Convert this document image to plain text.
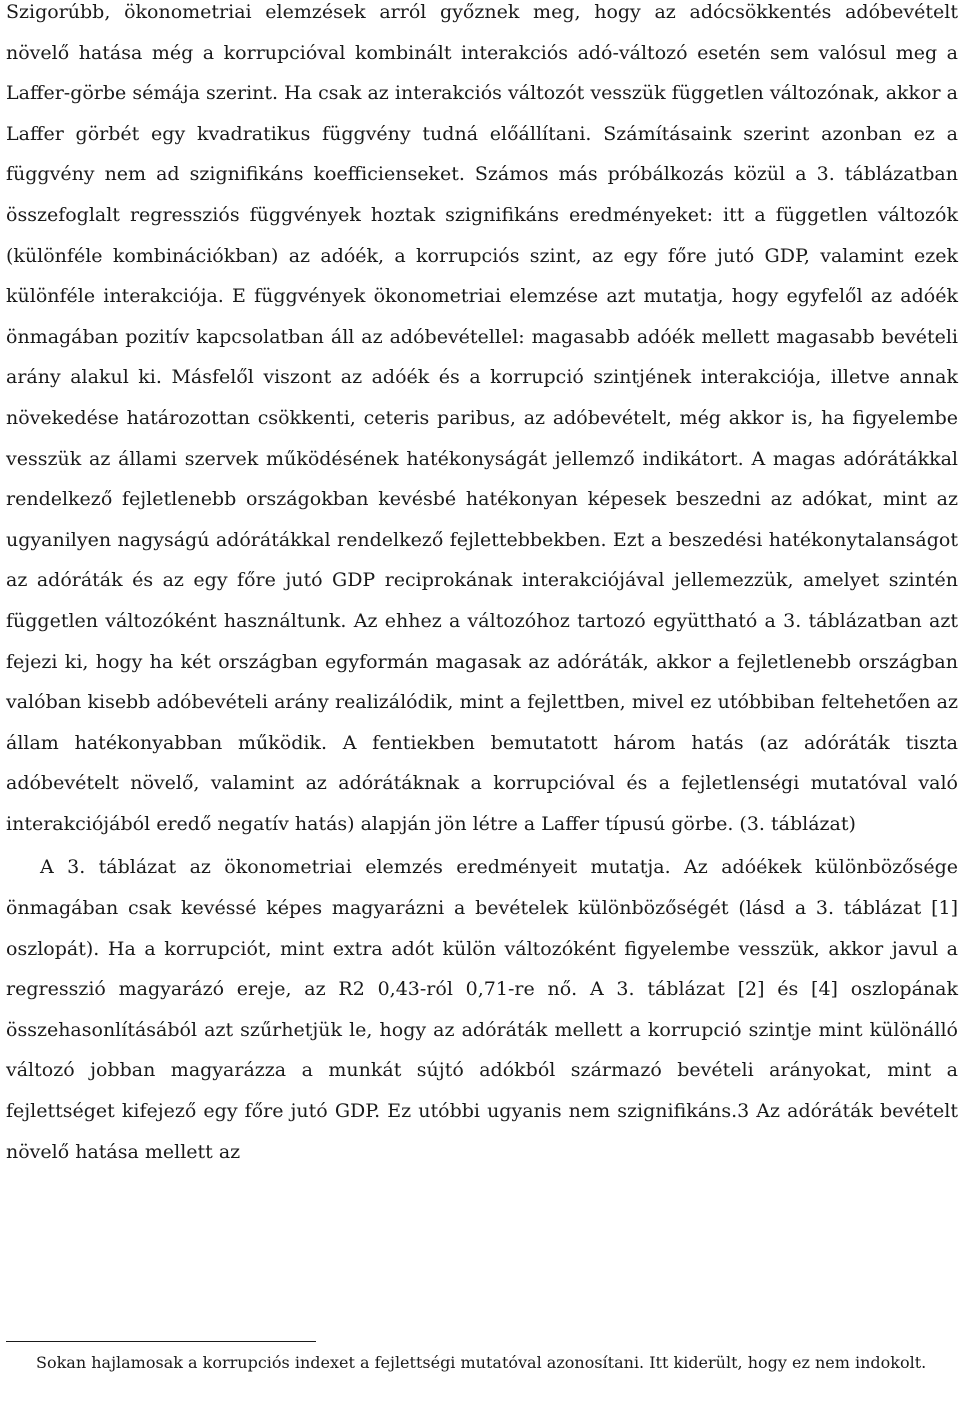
Szigorúbb, ökonometriai elemzések arról győznek meg, hogy az adócsökkentés adóbevételt növelő hatása még a korrupcióval kombinált interakciós adó-változó esetén sem valósul meg a Laffer-görbe sémája szerint. Ha csak az interakciós változót vesszük független változónak, akkor a Laffer görbét egy kvadratikus függvény tudná előállítani. Számításaink szerint azonban ez a függvény nem ad szignifikáns koefficienseket. Számos más próbálkozás közül a 3. táblázatban összefoglalt regressziós függvények hoztak szignifikáns eredményeket: itt a független változók (különféle kombinációkban) az adóék, a korrupciós szint, az egy főre jutó GDP, valamint ezek különféle interakciója. E függvények ökonometriai elemzése azt mutatja, hogy egyfelől az adóék önmagában pozitív kapcsolatban áll az adóbevétellel: magasabb adóék mellett magasabb bevételi arány alakul ki. Másfelől viszont az adóék és a korrupció szintjének interakciója, illetve annak növekedése határozottan csökkenti, ceteris paribus, az adóbevételt, még akkor is, ha figyelembe vesszük az állami szervek működésének hatékonyságát jellemző indikátort. A magas adórátákkal rendelkező fejletlenebb országokban kevésbé hatékonyan képesek beszedni az adókat, mint az ugyanilyen nagyságú adórátákkal rendelkező fejlettebbekben. Ezt a beszedési hatékonytalanságot az adóráták és az egy főre jutó GDP reciprokának interakciójával jellemezzük, amelyet szintén független változóként használtunk. Az ehhez a változóhoz tartozó együttható a 3. táblázatban azt fejezi ki, hogy ha két országban egyformán magasak az adóráták, akkor a fejletlenebb országban valóban kisebb adóbevételi arány realizálódik, mint a fejlettben, mivel ez utóbbiban feltehetően az állam hatékonyabban működik. A fentiekben bemutatott három hatás (az adóráták tiszta adóbevételt növelő, valamint az adórátáknak a korrupcióval és a fejletlenségi mutatóval való interakciójából eredő negatív hatás) alapján jön létre a Laffer típusú görbe. (3. táblázat)

A 3. táblázat az ökonometriai elemzés eredményeit mutatja. Az adóékek különbözősége önmagában csak kevéssé képes magyarázni a bevételek különbözőségét (lásd a 3. táblázat [1] oszlopát). Ha a korrupciót, mint extra adót külön változóként figyelembe vesszük, akkor javul a regresszió magyarázó ereje, az R2 0,43-ról 0,71-re nő. A 3. táblázat [2] és [4] oszlopának összehasonlításából azt szűrhetjük le, hogy az adóráták mellett a korrupció szintje mint különálló változó jobban magyarázza a munkát sújtó adókból származó bevételi arányokat, mint a fejlettséget kifejező egy főre jutó GDP. Ez utóbbi ugyanis nem szignifikáns.3 Az adóráták bevételt növelő hatása mellett az

Sokan hajlamosak a korrupciós indexet a fejlettségi mutatóval azonosítani. Itt kiderült, hogy ez nem indokolt.
